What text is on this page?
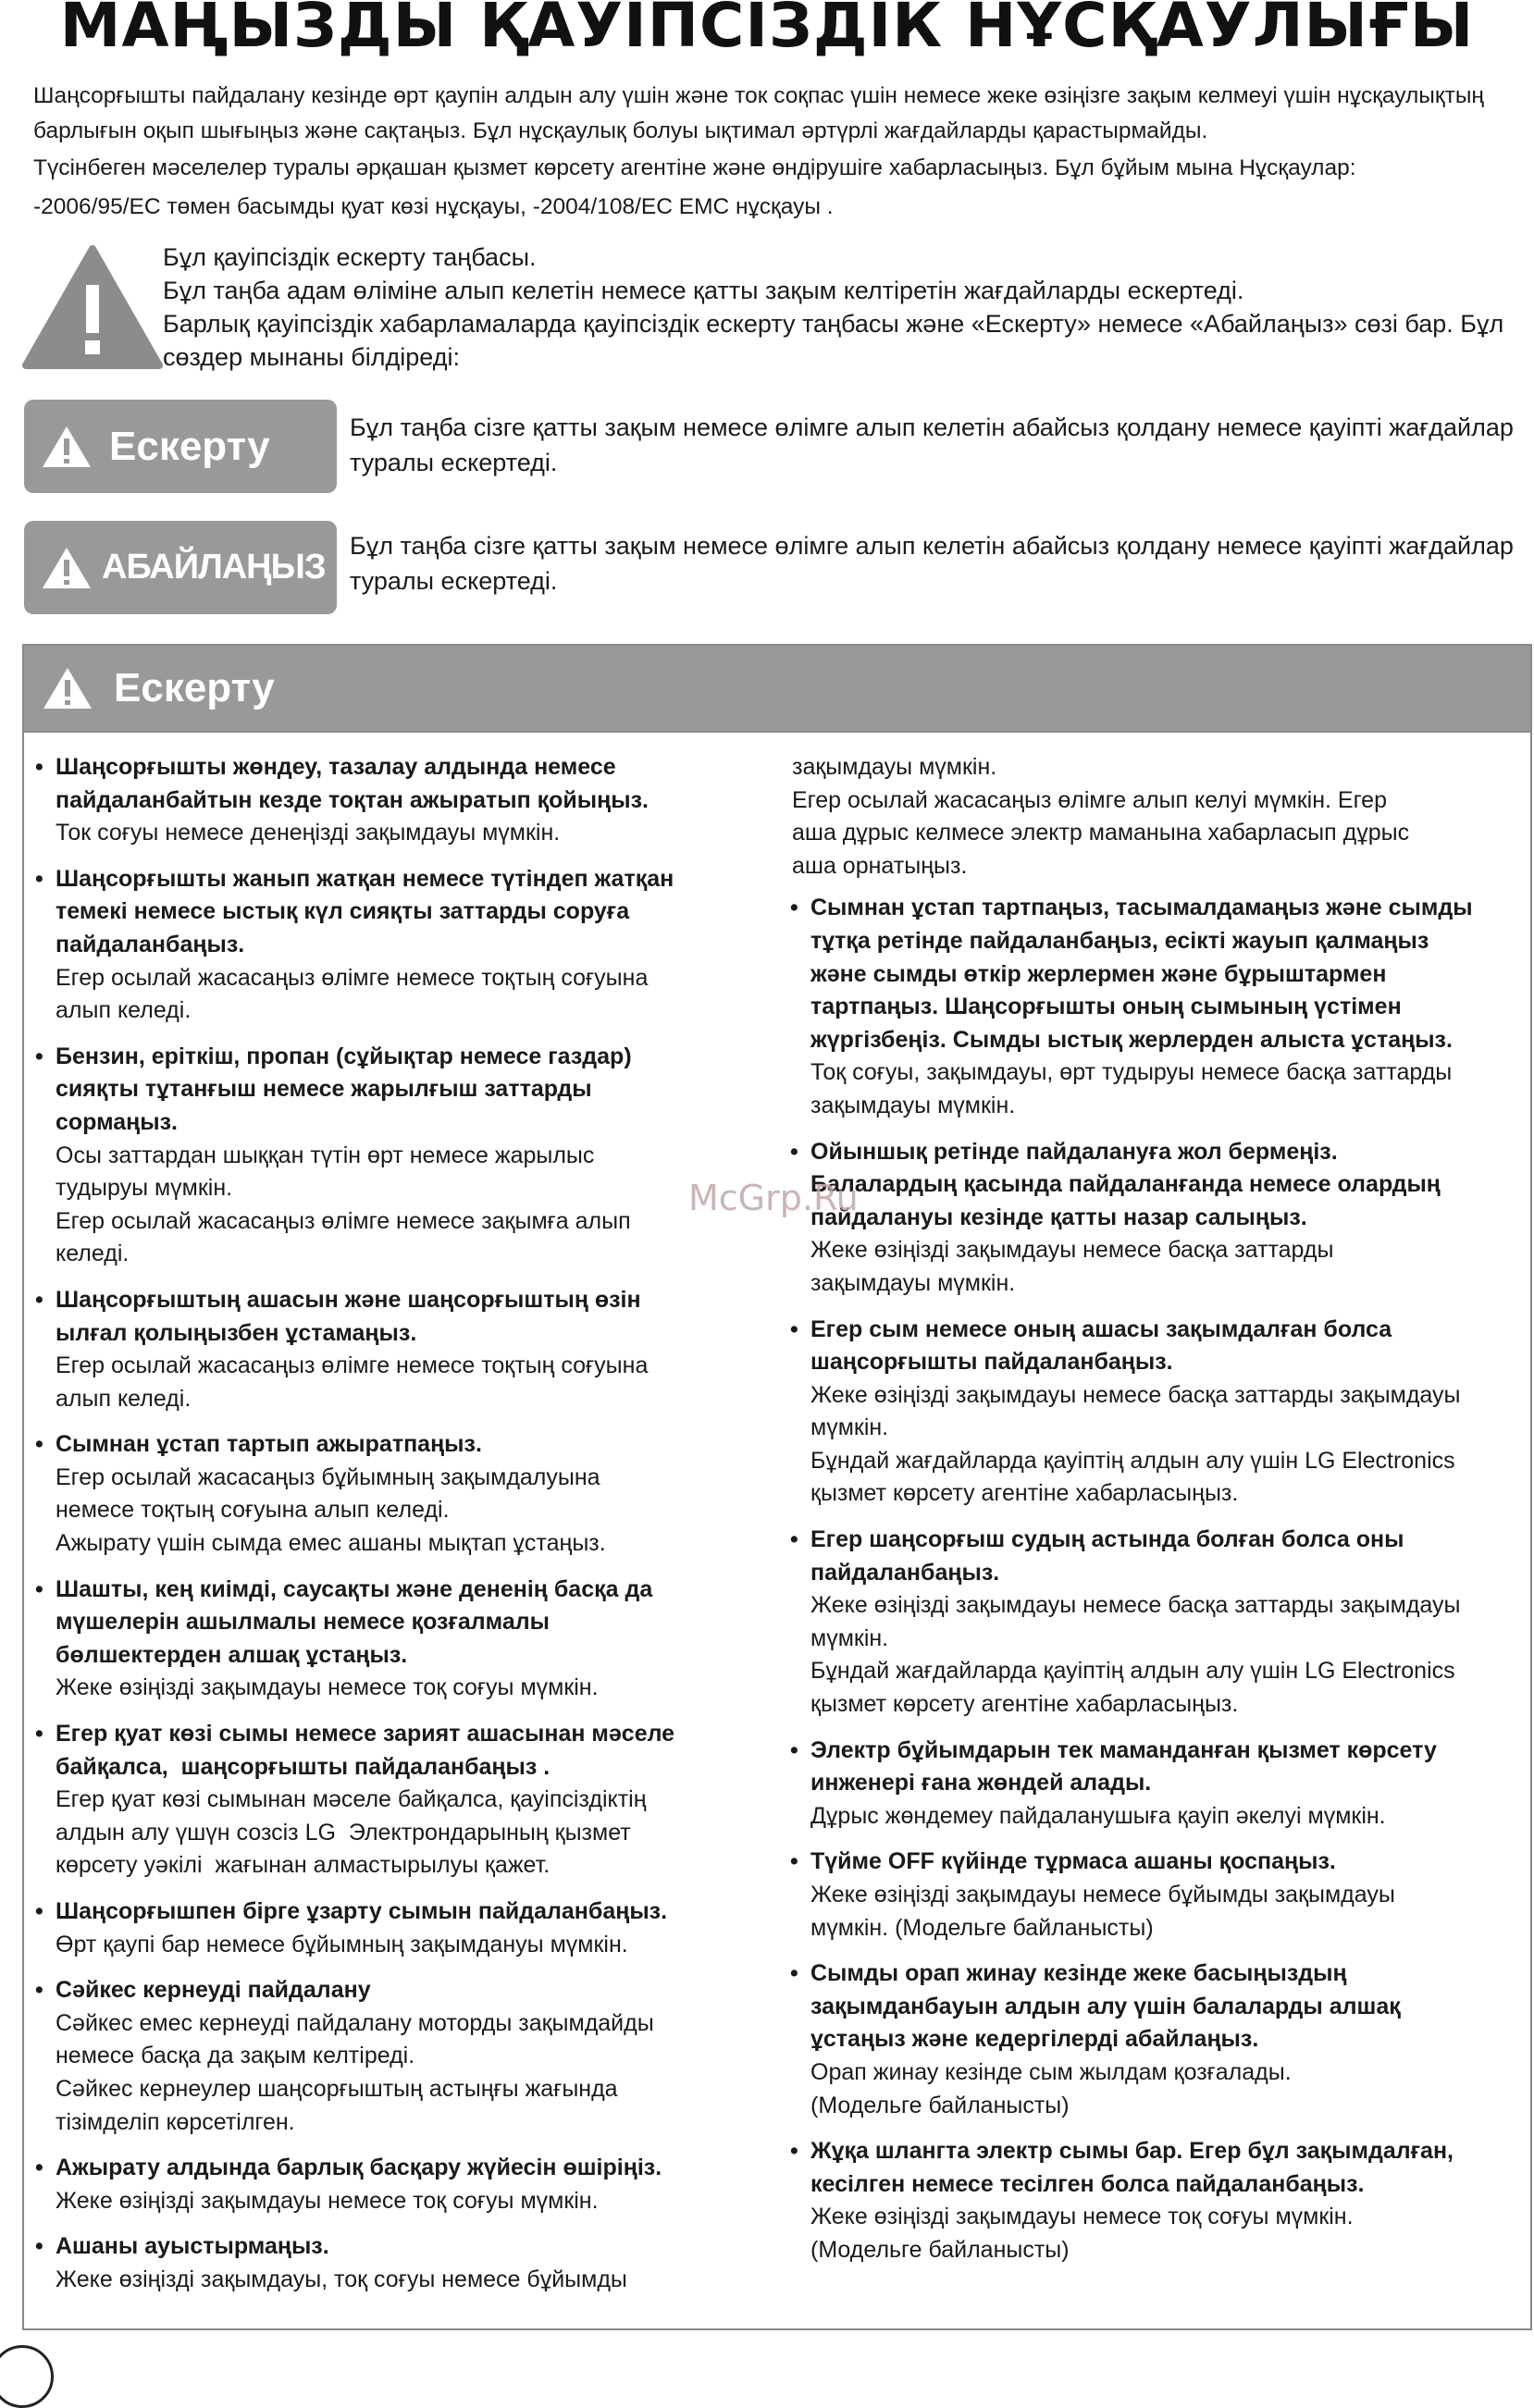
МАҢЫЗДЫ ҚАУІПСІЗДІК НҰСҚАУЛЫҒЫ

Шаңсорғышты пайдалану кезінде өрт қаупін алдын алу үшін және ток соқпас үшін немесе жеке өзіңізге зақым келмеуі үшін нұсқаулықтың барлығын оқып шығыңыз және сақтаңыз. Бұл нұсқаулық болуы ықтимал әртүрлі жағдайларды қарастырмайды.

Түсінбеген мәселелер туралы әрқашан қызмет көрсету агентіне және өндірушіге хабарласыңыз. Бұл бұйым мына Нұсқаулар:

-2006/95/ЕС төмен басымды қуат көзі нұсқауы, -2004/108/ЕС ЕМС нұсқауы .

Бұл қауіпсіздік ескерту таңбасы.

Бұл таңба адам өліміне алып келетін немесе қатты зақым келтіретін жағдайларды ескертеді.

Барлық қауіпсіздік хабарламаларда қауіпсіздік ескерту таңбасы және «Ескерту» немесе «Абайлаңыз» сөзі бар. Бұл сөздер мынаны білдіреді:

Ескерту	Бұл таңба сізге қатты зақым немесе өлімге алып келетін абайсыз қолдану немесе қауіпті жағдайлар туралы ескертеді.
АБАЙЛАҢЫЗ
Бұл таңба сізге қатты зақым немесе өлімге алып келетін абайсыз қолдану немесе қауіпті жағдайлар туралы ескертеді.
Ескерту
• Шаңсорғышты жөндеу, тазалау алдында немесе
пайдаланбайтын кезде тоқтан ажыратып қойыңыз.
Ток соғуы немесе денеңізді зақымдауы мүмкін.
• Шаңсорғышты жанып жатқан немесе түтіндеп жатқан
темекі немесе ыстық күл сияқты заттарды соруға
пайдаланбаңыз.
Егер осылай жасасаңыз өлімге немесе тоқтың соғуына
алып келеді.
• Бензин, еріткіш, пропан (сұйықтар немесе газдар)
сияқты тұтанғыш немесе жарылғыш заттарды
сормаңыз.
Осы заттардан шыққан түтін өрт немесе жарылыс
тудыруы мүмкін.
Егер осылай жасасаңыз өлімге немесе зақымға алып
келеді.
• Шаңсорғыштың ашасын және шаңсорғыштың өзін
ылғал қолыңызбен ұстамаңыз.
Егер осылай жасасаңыз өлімге немесе тоқтың соғуына
алып келеді.
• Сымнан ұстап тартып ажыратпаңыз.
Егер осылай жасасаңыз бұйымның зақымдалуына
немесе тоқтың соғуына алып келеді.
Ажырату үшін сымда емес ашаны мықтап ұстаңыз.
• Шашты, кең киімді, саусақты және дененің басқа да
мүшелерін ашылмалы немесе қозғалмалы
бөлшектерден алшақ ұстаңыз.
Жеке өзіңізді зақымдауы немесе тоқ соғуы мүмкін.
• Егер қуат көзі сымы немесе зарият ашасынан мәселе
байқалса,  шаңсорғышты пайдаланбаңыз .
Егер қуат көзі сымынан мәселе байқалса, қауіпсіздіктің
алдын алу үшүн созсіз LG  Электрондарының қызмет
көрсету уәкілі  жағынан алмастырылуы қажет.
• Шаңсорғышпен бірге ұзарту сымын пайдаланбаңыз.
Өрт қаупі бар немесе бұйымның зақымдануы мүмкін.
• Сәйкес кернеуді пайдалану
Сәйкес емес кернеуді пайдалану моторды зақымдайды
немесе басқа да зақым келтіреді.
Сәйкес кернеулер шаңсорғыштың астыңғы жағында
тізімделіп көрсетілген.
• Ажырату алдында барлық басқару жүйесін өшіріңіз.
Жеке өзіңізді зақымдауы немесе тоқ соғуы мүмкін.
• Ашаны ауыстырмаңыз.
Жеке өзіңізді зақымдауы, тоқ соғуы немесе бұйымды
зақымдауы мүмкін.
Егер осылай жасасаңыз өлімге алып келуі мүмкін. Егер
аша дұрыс келмесе электр маманына хабарласып дұрыс
аша орнатыңыз.
• Сымнан ұстап тартпаңыз, тасымалдамаңыз және сымды
тұтқа ретінде пайдаланбаңыз, есікті жауып қалмаңыз
және сымды өткір жерлермен және бұрыштармен
тартпаңыз. Шаңсорғышты оның сымының үстімен
жүргізбеңіз. Сымды ыстық жерлерден алыста ұстаңыз.
Тоқ соғуы, зақымдауы, өрт тудыруы немесе басқа заттарды
зақымдауы мүмкін.
• Ойыншық ретінде пайдалануға жол бермеңіз.
Балалардың қасында пайдаланғанда немесе олардың
пайдалануы кезінде қатты назар салыңыз.
Жеке өзіңізді зақымдауы немесе басқа заттарды
зақымдауы мүмкін.
• Егер сым немесе оның ашасы зақымдалған болса
шаңсорғышты пайдаланбаңыз.
Жеке өзіңізді зақымдауы немесе басқа заттарды зақымдауы
мүмкін.
Бұндай жағдайларда қауіптің алдын алу үшін LG Electronics
қызмет көрсету агентіне хабарласыңыз.
• Егер шаңсорғыш судың астында болған болса оны
пайдаланбаңыз.
Жеке өзіңізді зақымдауы немесе басқа заттарды зақымдауы
мүмкін.
Бұндай жағдайларда қауіптің алдын алу үшін LG Electronics
қызмет көрсету агентіне хабарласыңыз.
• Электр бұйымдарын тек маманданған қызмет көрсету
инженері ғана жөндей алады.
Дұрыс жөндемеу пайдаланушыға қауіп әкелуі мүмкін.
• Түйме OFF күйінде тұрмаса ашаны қоспаңыз.
Жеке өзіңізді зақымдауы немесе бұйымды зақымдауы
мүмкін. (Модельге байланысты)
• Сымды орап жинау кезінде жеке басыңыздың
зақымданбауын алдын алу үшін балаларды алшақ
ұстаңыз және кедергілерді абайлаңыз.
Орап жинау кезінде сым жылдам қозғалады.
(Модельге байланысты)
• Жұқа шлангта электр сымы бар. Егер бұл зақымдалған,
кесілген немесе тесілген болса пайдаланбаңыз.
Жеке өзіңізді зақымдауы немесе тоқ соғуы мүмкін.
(Модельге байланысты)
McGrp.Ru
